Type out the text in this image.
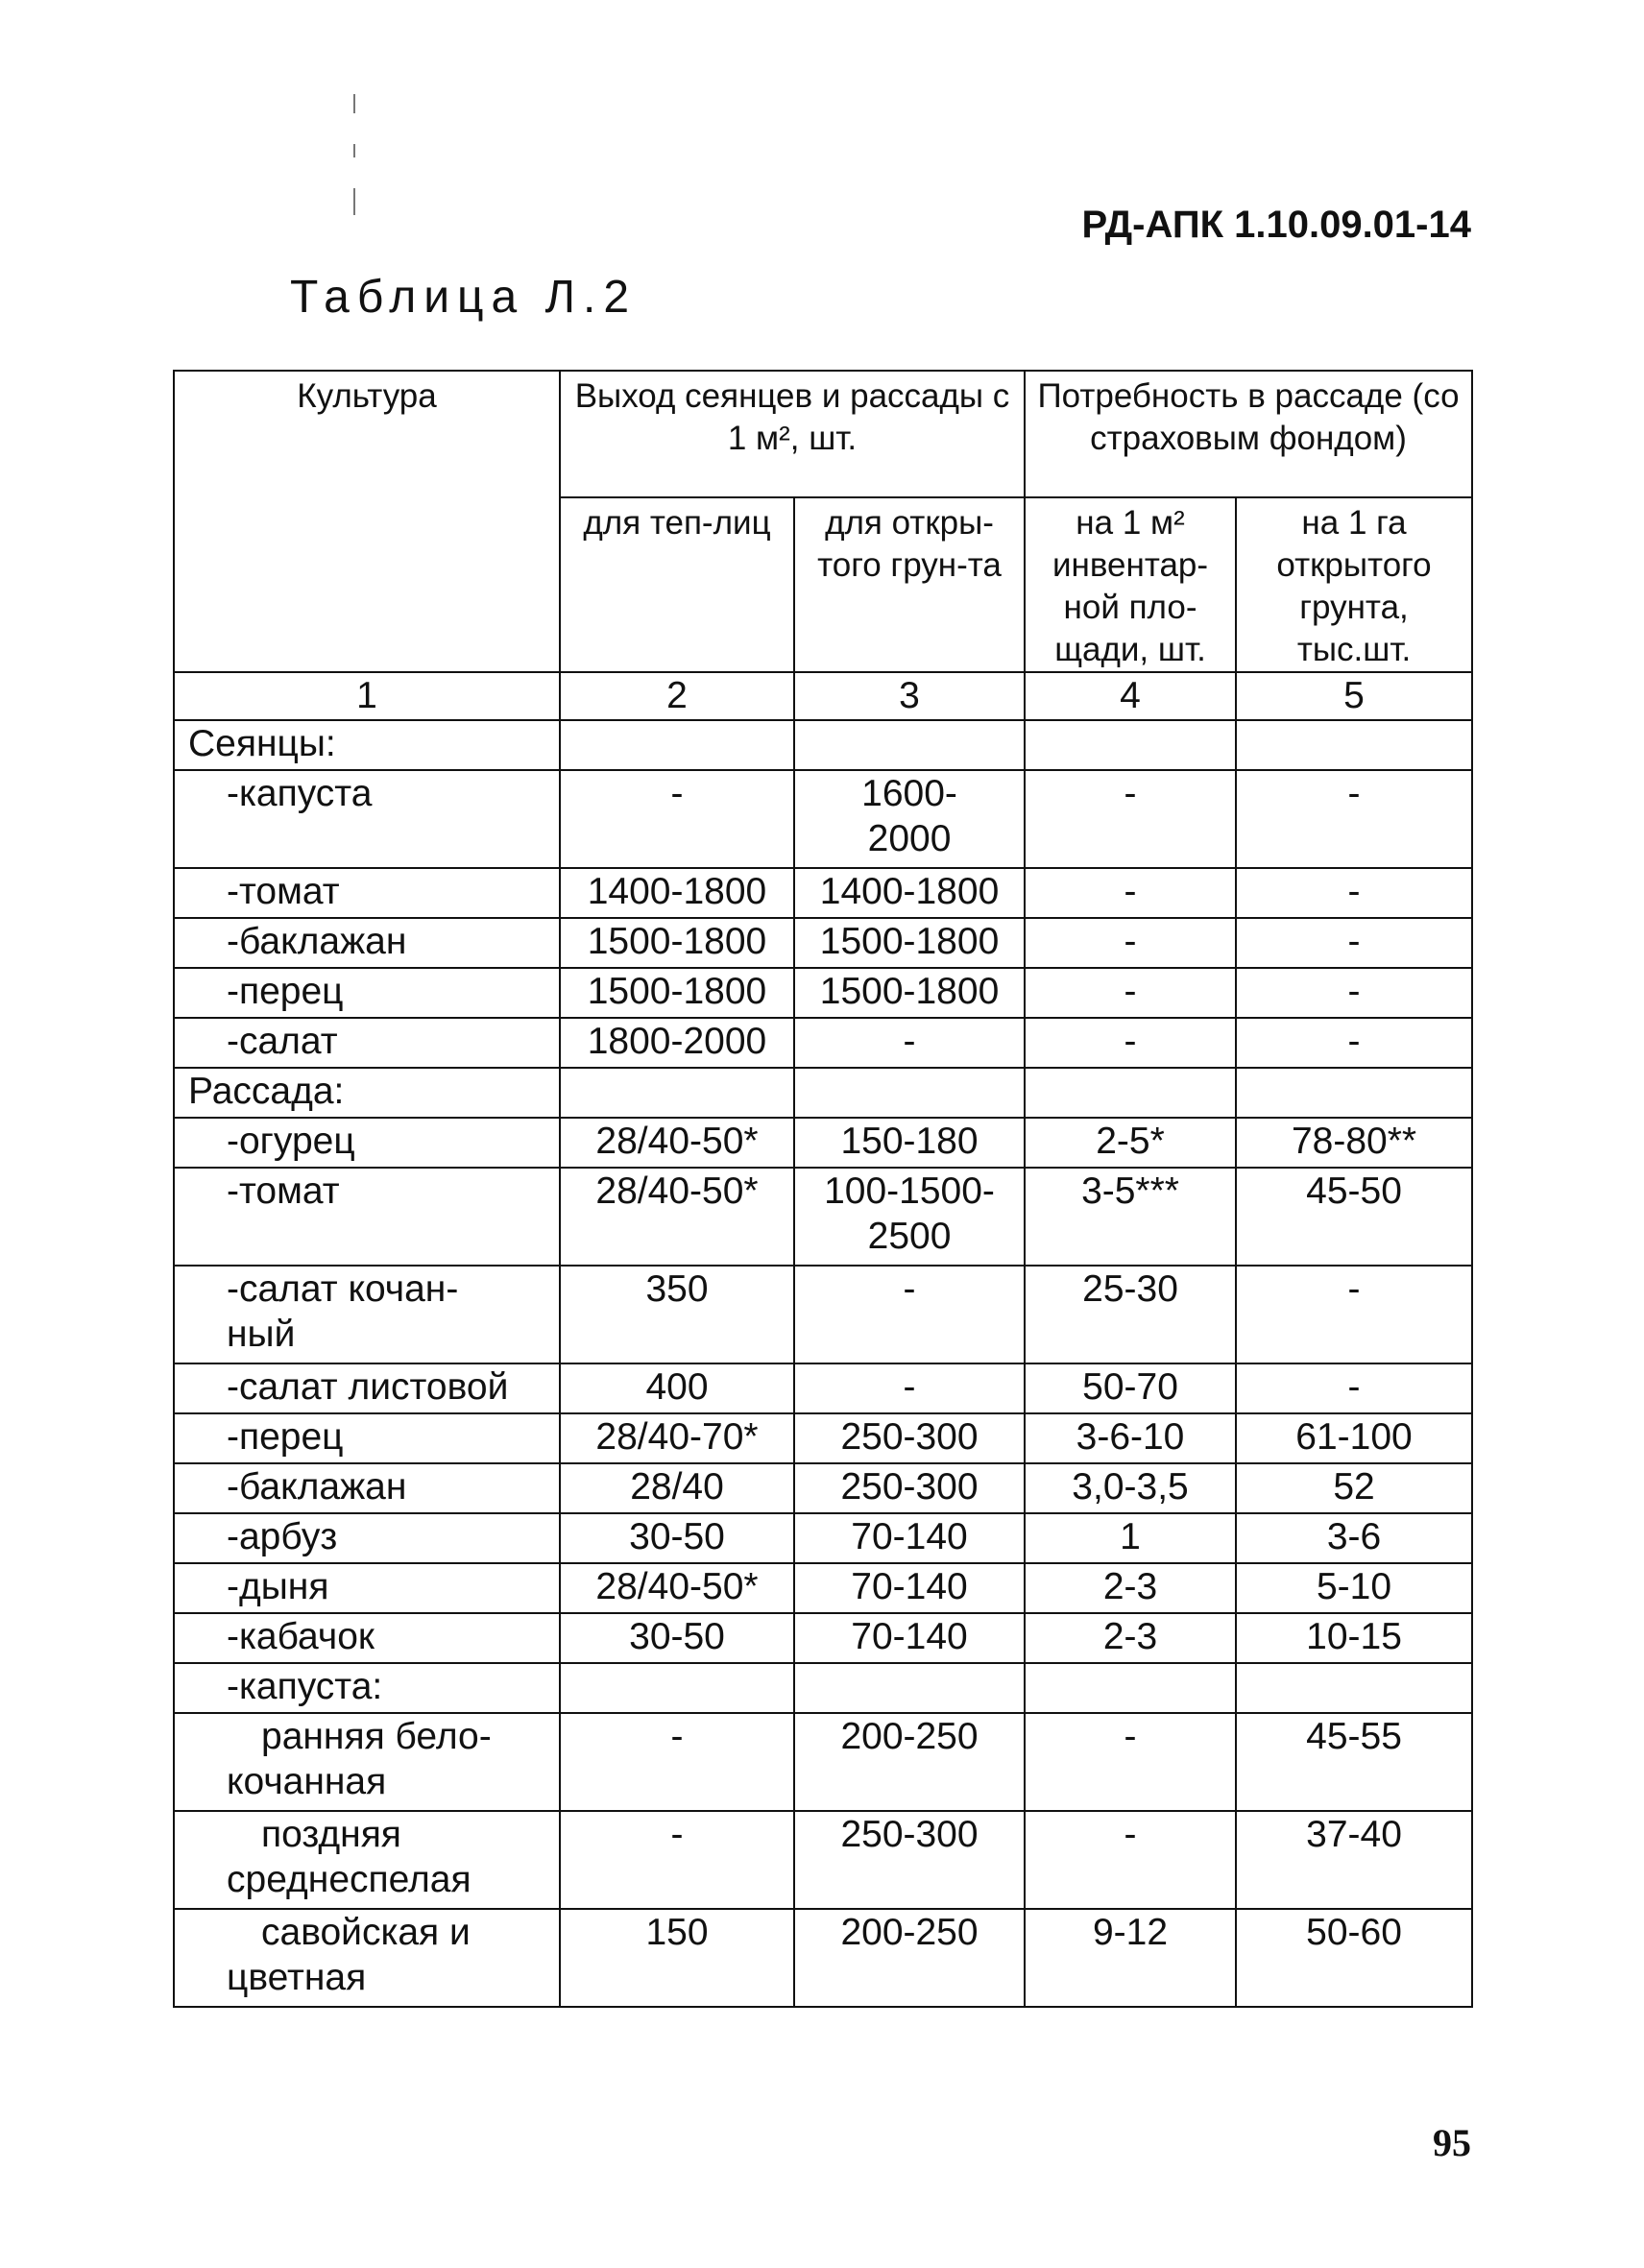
РД-АПК 1.10.09.01-14
Таблица Л.2
Культура	Выход сеянцев и рассады с 1 м², шт.		Потребность в рассаде (со страховым фондом)	
	для теп-лиц	для откры-того грун-та	на 1 м² инвентар-ной пло-щади, шт.	на 1 га открытого грунта, тыс.шт.
1	2	3	4	5
Сеянцы:				
-капуста	-	1600-2000	-	-
-томат	1400-1800	1400-1800	-	-
-баклажан	1500-1800	1500-1800	-	-
-перец	1500-1800	1500-1800	-	-
-салат	1800-2000	-	-	-
Рассада:				
-огурец	28/40-50*	150-180	2-5*	78-80**
-томат	28/40-50*	100-1500-2500	3-5***	45-50
-салат кочан-ный	350	-	25-30	-
-салат листовой	400	-	50-70	-
-перец	28/40-70*	250-300	3-6-10	61-100
-баклажан	28/40	250-300	3,0-3,5	52
-арбуз	30-50	70-140	1	3-6
-дыня	28/40-50*	70-140	2-3	5-10
-кабачок	30-50	70-140	2-3	10-15
-капуста:				
ранняя бело-кочанная	-	200-250	-	45-55
поздняя среднеспелая	-	250-300	-	37-40
савойская и цветная	150	200-250	9-12	50-60
95
